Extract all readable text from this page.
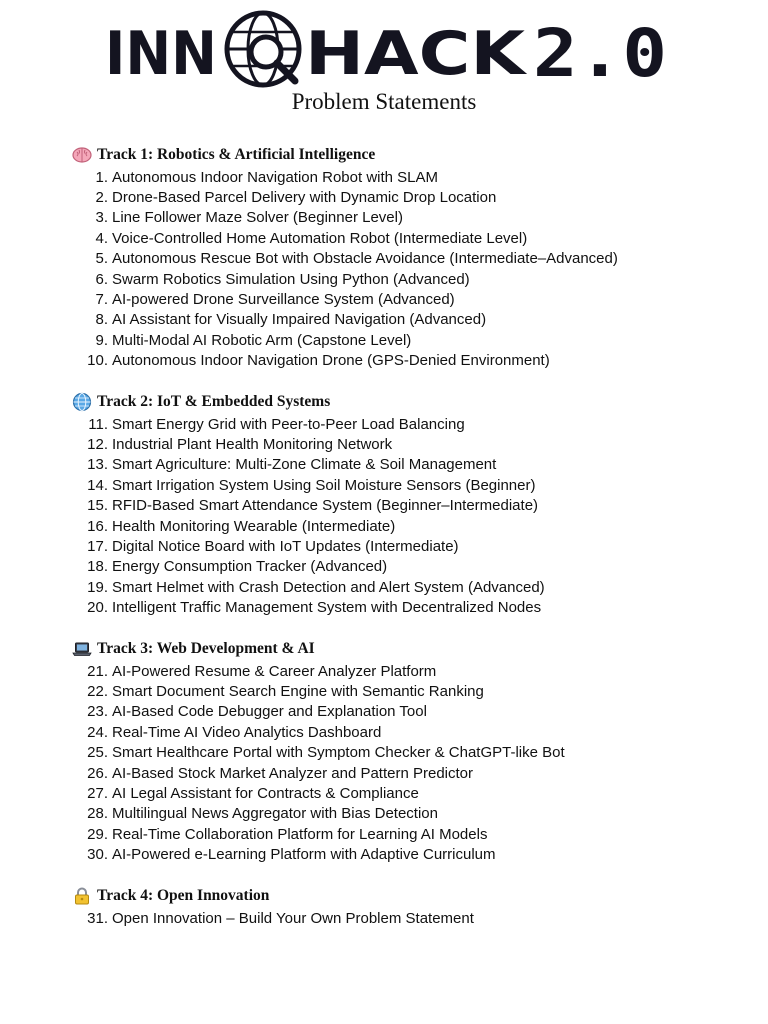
INN HACK 2.0
Problem Statements
Track 1: Robotics & Artificial Intelligence
1. Autonomous Indoor Navigation Robot with SLAM
2. Drone-Based Parcel Delivery with Dynamic Drop Location
3. Line Follower Maze Solver (Beginner Level)
4. Voice-Controlled Home Automation Robot (Intermediate Level)
5. Autonomous Rescue Bot with Obstacle Avoidance (Intermediate–Advanced)
6. Swarm Robotics Simulation Using Python (Advanced)
7. AI-powered Drone Surveillance System (Advanced)
8. AI Assistant for Visually Impaired Navigation (Advanced)
9. Multi-Modal AI Robotic Arm (Capstone Level)
10. Autonomous Indoor Navigation Drone (GPS-Denied Environment)
Track 2: IoT & Embedded Systems
11. Smart Energy Grid with Peer-to-Peer Load Balancing
12. Industrial Plant Health Monitoring Network
13. Smart Agriculture: Multi-Zone Climate & Soil Management
14. Smart Irrigation System Using Soil Moisture Sensors (Beginner)
15. RFID-Based Smart Attendance System (Beginner–Intermediate)
16. Health Monitoring Wearable (Intermediate)
17. Digital Notice Board with IoT Updates (Intermediate)
18. Energy Consumption Tracker (Advanced)
19. Smart Helmet with Crash Detection and Alert System (Advanced)
20. Intelligent Traffic Management System with Decentralized Nodes
Track 3: Web Development & AI
21. AI-Powered Resume & Career Analyzer Platform
22. Smart Document Search Engine with Semantic Ranking
23. AI-Based Code Debugger and Explanation Tool
24. Real-Time AI Video Analytics Dashboard
25. Smart Healthcare Portal with Symptom Checker & ChatGPT-like Bot
26. AI-Based Stock Market Analyzer and Pattern Predictor
27. AI Legal Assistant for Contracts & Compliance
28. Multilingual News Aggregator with Bias Detection
29. Real-Time Collaboration Platform for Learning AI Models
30. AI-Powered e-Learning Platform with Adaptive Curriculum
Track 4: Open Innovation
31. Open Innovation – Build Your Own Problem Statement
